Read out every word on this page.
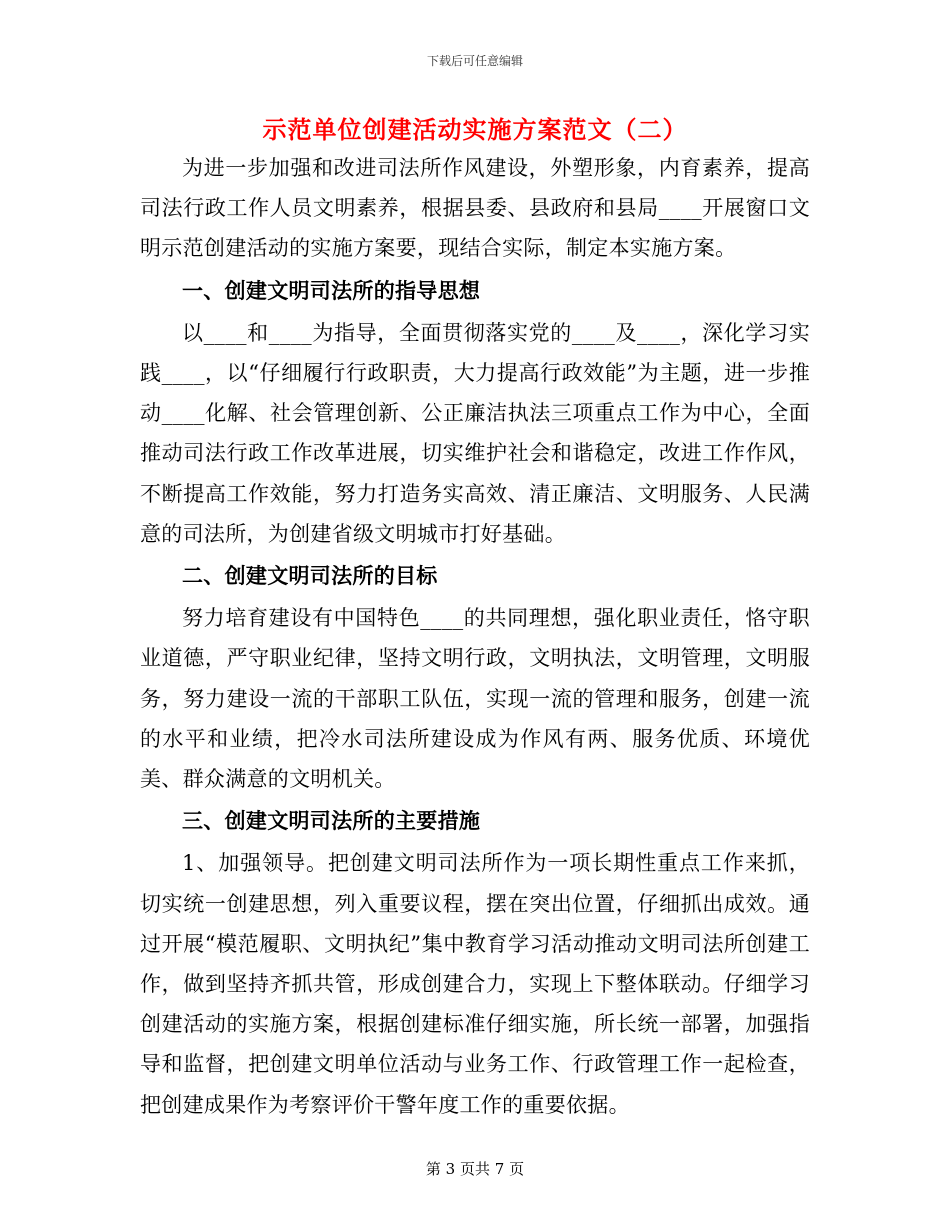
下载后可任意编辑
示范单位创建活动实施方案范文（二）

为进一步加强和改进司法所作风建设，外塑形象，内育素养，提高司法行政工作人员文明素养，根据县委、县政府和县局____开展窗口文明示范创建活动的实施方案要，现结合实际，制定本实施方案。

一、创建文明司法所的指导思想

以____和____为指导，全面贯彻落实党的____及____，深化学习实践____，以“仔细履行行政职责，大力提高行政效能”为主题，进一步推动____化解、社会管理创新、公正廉洁执法三项重点工作为中心，全面推动司法行政工作改革进展，切实维护社会和谐稳定，改进工作作风，不断提高工作效能，努力打造务实高效、清正廉洁、文明服务、人民满意的司法所，为创建省级文明城市打好基础。

二、创建文明司法所的目标

努力培育建设有中国特色____的共同理想，强化职业责任，恪守职业道德，严守职业纪律，坚持文明行政，文明执法，文明管理，文明服务，努力建设一流的干部职工队伍，实现一流的管理和服务，创建一流的水平和业绩，把冷水司法所建设成为作风有两、服务优质、环境优美、群众满意的文明机关。

三、创建文明司法所的主要措施

1、加强领导。把创建文明司法所作为一项长期性重点工作来抓，切实统一创建思想，列入重要议程，摆在突出位置，仔细抓出成效。通过开展“模范履职、文明执纪”集中教育学习活动推动文明司法所创建工作，做到坚持齐抓共管，形成创建合力，实现上下整体联动。仔细学习创建活动的实施方案，根据创建标准仔细实施，所长统一部署，加强指导和监督，把创建文明单位活动与业务工作、行政管理工作一起检查，把创建成果作为考察评价干警年度工作的重要依据。

第 3 页共 7 页
